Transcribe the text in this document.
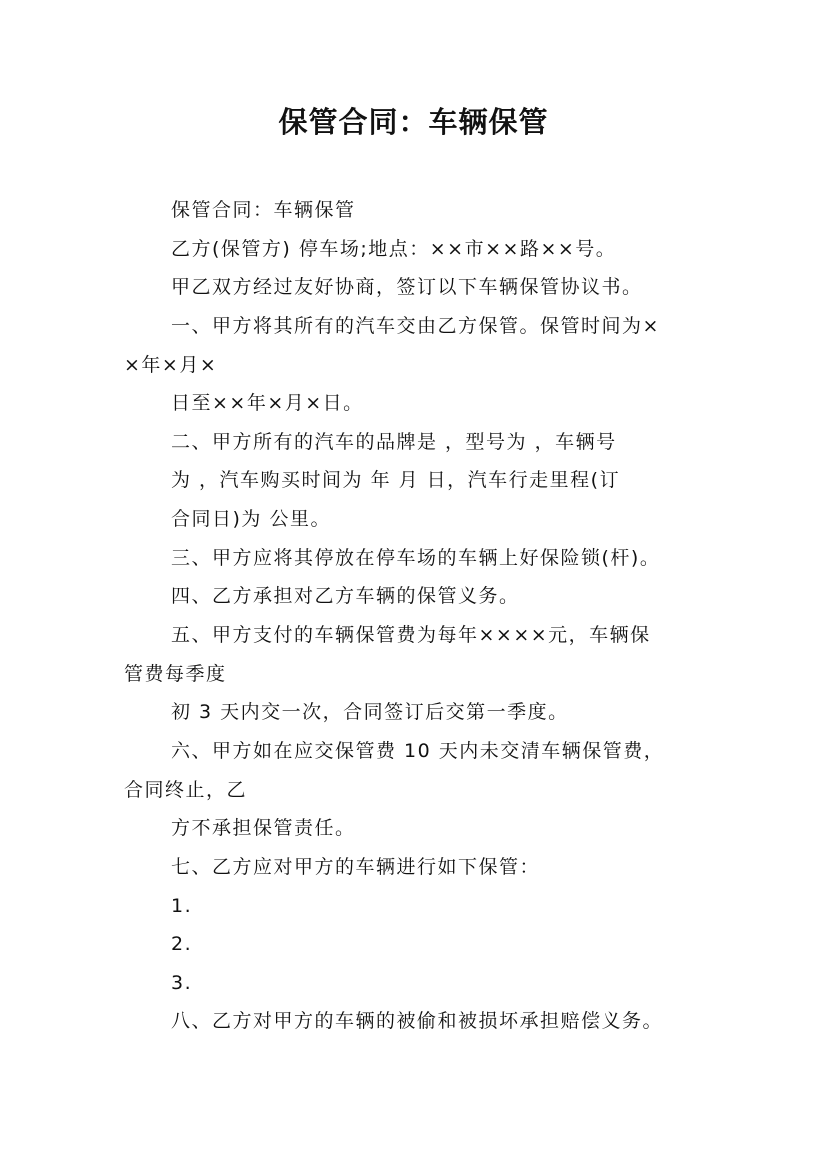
保管合同：车辆保管
保管合同：车辆保管
乙方(保管方) 停车场;地点：××市××路××号。
甲乙双方经过友好协商，签订以下车辆保管协议书。
一、甲方将其所有的汽车交由乙方保管。保管时间为×
×年×月×
日至××年×月×日。
二、甲方所有的汽车的品牌是 ，型号为 ，车辆号
为 ，汽车购买时间为 年 月 日，汽车行走里程(订
合同日)为 公里。
三、甲方应将其停放在停车场的车辆上好保险锁(杆)。
四、乙方承担对乙方车辆的保管义务。
五、甲方支付的车辆保管费为每年××××元，车辆保
管费每季度
初 3 天内交一次，合同签订后交第一季度。
六、甲方如在应交保管费 10 天内未交清车辆保管费，
合同终止，乙
方不承担保管责任。
七、乙方应对甲方的车辆进行如下保管：
1.
2.
3.
八、乙方对甲方的车辆的被偷和被损坏承担赔偿义务。
